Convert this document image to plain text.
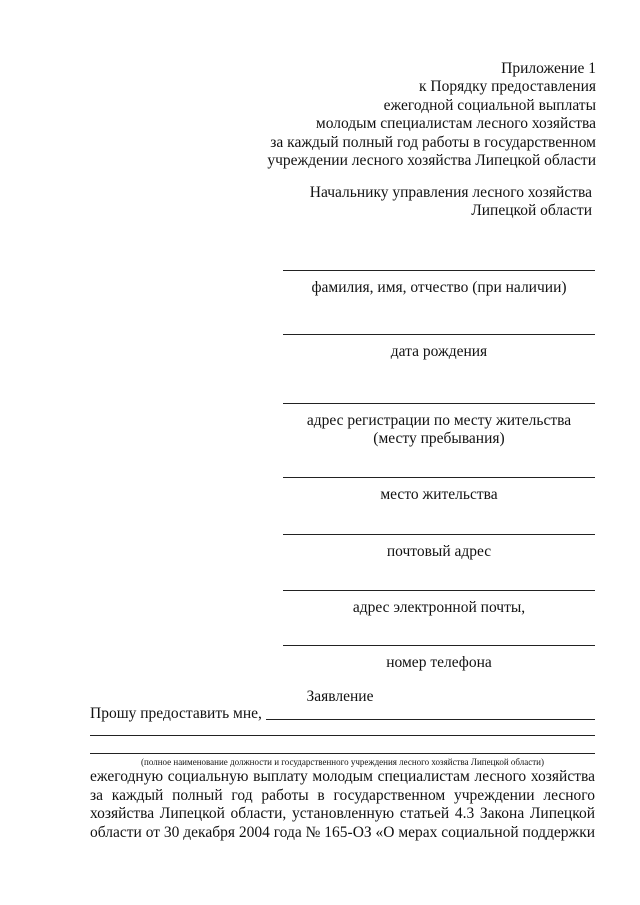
Приложение 1
к Порядку предоставления
ежегодной социальной выплаты
молодым специалистам лесного хозяйства
за каждый полный год работы в государственном
учреждении лесного хозяйства Липецкой области
Начальнику управления лесного хозяйства
Липецкой области
фамилия, имя, отчество (при наличии)
дата рождения
адрес регистрации по месту жительства (месту пребывания)
место жительства
почтовый адрес
адрес электронной почты,
номер телефона
Заявление
Прошу предоставить мне,
(полное наименование должности и государственного учреждения лесного хозяйства Липецкой области)
ежегодную социальную выплату молодым специалистам лесного хозяйства
за каждый полный год работы в государственном учреждении лесного
хозяйства Липецкой области, установленную статьей 4.3 Закона Липецкой
области от 30 декабря 2004 года № 165-ОЗ «О мерах социальной поддержки
